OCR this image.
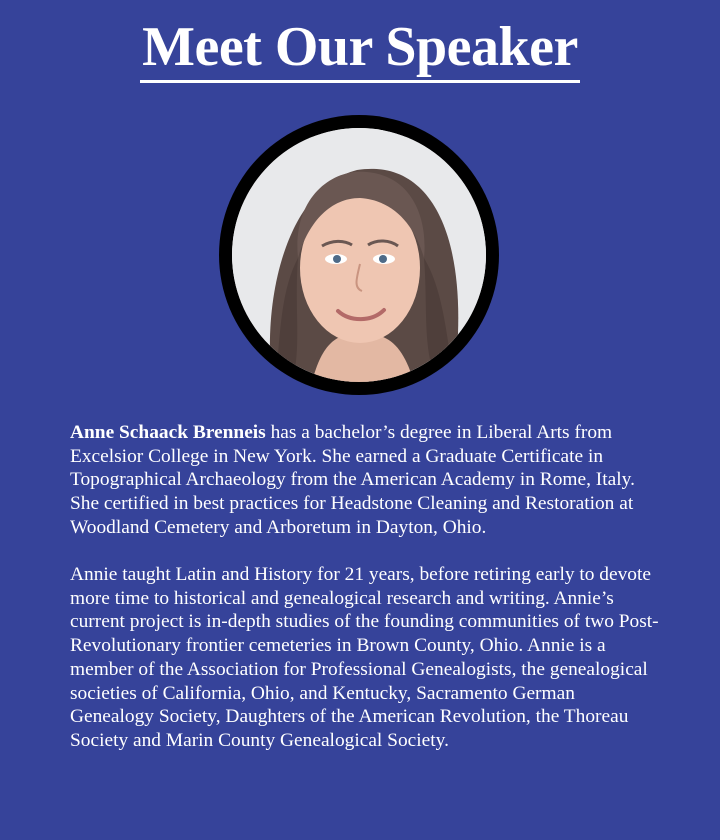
Meet Our Speaker

Anne Schaack Brenneis has a bachelor’s degree in Liberal Arts from Excelsior College in New York. She earned a Graduate Certificate in Topographical Archaeology from the American Academy in Rome, Italy. She certified in best practices for Headstone Cleaning and Restoration at Woodland Cemetery and Arboretum in Dayton, Ohio.

Annie taught Latin and History for 21 years, before retiring early to devote more time to historical and genealogical research and writing. Annie’s current project is in-depth studies of the founding communities of two Post-Revolutionary frontier cemeteries in Brown County, Ohio. Annie is a member of the Association for Professional Genealogists, the genealogical societies of California, Ohio, and Kentucky, Sacramento German Genealogy Society, Daughters of the American Revolution, the Thoreau Society and Marin County Genealogical Society.
